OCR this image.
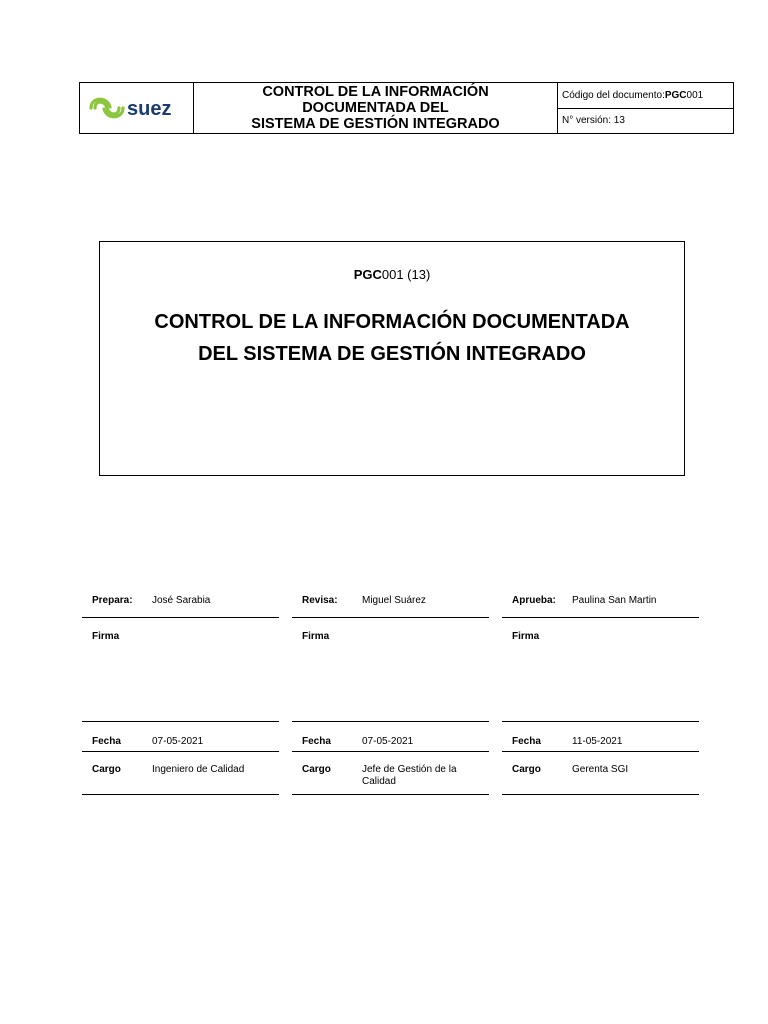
suez
CONTROL DE LA INFORMACIÓN
DOCUMENTADA DEL
SISTEMA DE GESTIÓN INTEGRADO
Código del documento: PGC 001
N° versión: 13
PGC001 (13)
CONTROL DE LA INFORMACIÓN DOCUMENTADA
DEL SISTEMA DE GESTIÓN INTEGRADO
Prepara:	José Sarabia
Firma
Fecha	07-05-2021
Cargo	Ingeniero de Calidad
Revisa:	Miguel Suárez
Firma
Fecha	07-05-2021
Cargo	Jefe de Gestión de la Calidad
Aprueba:	Paulina San Martin
Firma
Fecha	11-05-2021
Cargo	Gerenta SGI
